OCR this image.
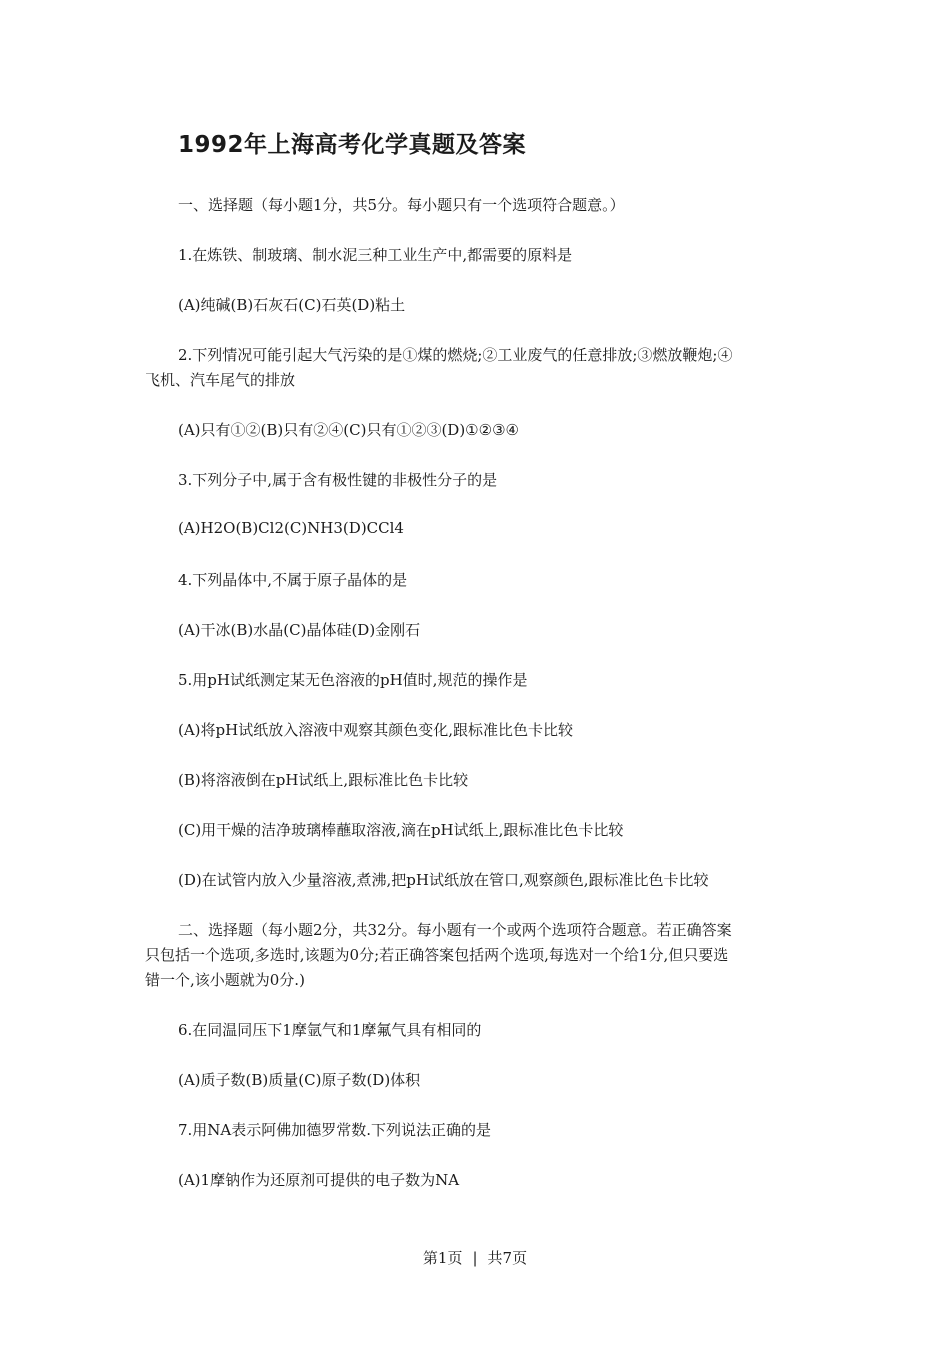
1992年上海高考化学真题及答案
一、选择题（每小题1分，共5分。每小题只有一个选项符合题意。）
1.在炼铁、制玻璃、制水泥三种工业生产中,都需要的原料是
(A)纯碱(B)石灰石(C)石英(D)粘土
2.下列情况可能引起大气污染的是①煤的燃烧;②工业废气的任意排放;③燃放鞭炮;④
飞机、汽车尾气的排放
(A)只有①②(B)只有②④(C)只有①②③(D)①②③④
3.下列分子中,属于含有极性键的非极性分子的是
(A)H2O(B)Cl2(C)NH3(D)CCl4
4.下列晶体中,不属于原子晶体的是
(A)干冰(B)水晶(C)晶体硅(D)金刚石
5.用pH试纸测定某无色溶液的pH值时,规范的操作是
(A)将pH试纸放入溶液中观察其颜色变化,跟标准比色卡比较
(B)将溶液倒在pH试纸上,跟标准比色卡比较
(C)用干燥的洁净玻璃棒蘸取溶液,滴在pH试纸上,跟标准比色卡比较
(D)在试管内放入少量溶液,煮沸,把pH试纸放在管口,观察颜色,跟标准比色卡比较
二、选择题（每小题2分，共32分。每小题有一个或两个选项符合题意。若正确答案
只包括一个选项,多选时,该题为0分;若正确答案包括两个选项,每选对一个给1分,但只要选
错一个,该小题就为0分.)
6.在同温同压下1摩氩气和1摩氟气具有相同的
(A)质子数(B)质量(C)原子数(D)体积
7.用NA表示阿佛加德罗常数.下列说法正确的是
(A)1摩钠作为还原剂可提供的电子数为NA
第1页 | 共7页
